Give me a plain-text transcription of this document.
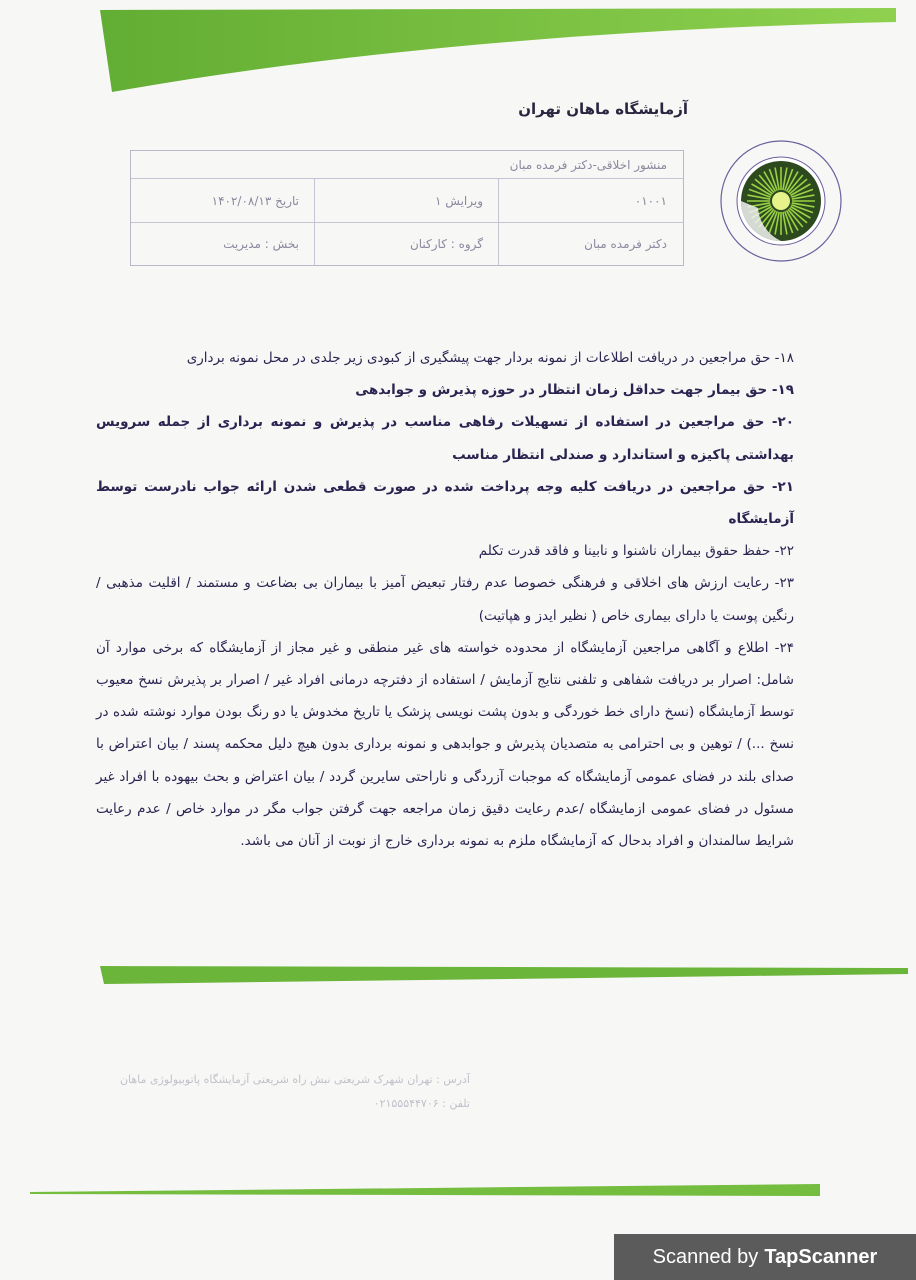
آزمایشگاه ماهان تهران
منشور اخلاقی-دکتر فرمده مبان
۰۱۰۰۱
ویرایش ۱
تاریخ ۱۴۰۲/۰۸/۱۳
دکتر فرمده مبان
گروه : کارکنان
بخش : مدیریت

۱۸- حق مراجعین در دریافت اطلاعات از نمونه بردار جهت پیشگیری از کبودی زیر جلدی در محل نمونه برداری

۱۹- حق بیمار جهت حداقل زمان انتظار در حوزه پذیرش و جوابدهی

۲۰- حق مراجعین در استفاده از تسهیلات رفاهی مناسب در پذیرش و نمونه برداری از جمله سرویس بهداشتی پاکیزه و استاندارد و صندلی انتظار مناسب

۲۱- حق مراجعین در دریافت کلیه وجه پرداخت شده در صورت قطعی شدن ارائه جواب نادرست توسط آزمایشگاه

۲۲- حفظ حقوق بیماران ناشنوا و نابینا و فاقد قدرت تکلم

۲۳- رعایت ارزش های اخلاقی و فرهنگی خصوصا عدم رفتار تبعیض آمیز با بیماران بی بضاعت و مستمند / اقلیت مذهبی / رنگین پوست یا دارای بیماری خاص ( نظیر ایدز و هپاتیت)

۲۴- اطلاع و آگاهی مراجعین آزمایشگاه از محدوده خواسته های غیر منطقی و غیر مجاز از آزمایشگاه که برخی موارد آن شامل: اصرار بر دریافت شفاهی و تلفنی نتایج آزمایش / استفاده از دفترچه درمانی افراد غیر / اصرار بر پذیرش نسخ معیوب توسط آزمایشگاه (نسخ دارای خط خوردگی و بدون پشت نویسی پزشک یا تاریخ مخدوش یا دو رنگ بودن موارد نوشته شده در نسخ ...) / توهین و بی احترامی به متصدیان پذیرش و جوابدهی و نمونه برداری بدون هیچ دلیل محکمه پسند / بیان اعتراض با صدای بلند در فضای عمومی آزمایشگاه که موجبات آزردگی و ناراحتی سایرین گردد / بیان اعتراض و بحث بیهوده با افراد غیر مسئول در فضای عمومی ازمایشگاه /عدم رعایت دقیق زمان مراجعه جهت گرفتن جواب مگر در موارد خاص / عدم رعایت شرایط سالمندان و افراد بدحال که آزمایشگاه ملزم به نمونه برداری خارج از نوبت از آنان می باشد.

آدرس : تهران شهرک شریعتی نبش راه شریعتی آزمایشگاه پاتوبیولوژی ماهان
تلفن : ۰۲۱۵۵۵۴۴۷۰۶
Scanned by TapScanner
